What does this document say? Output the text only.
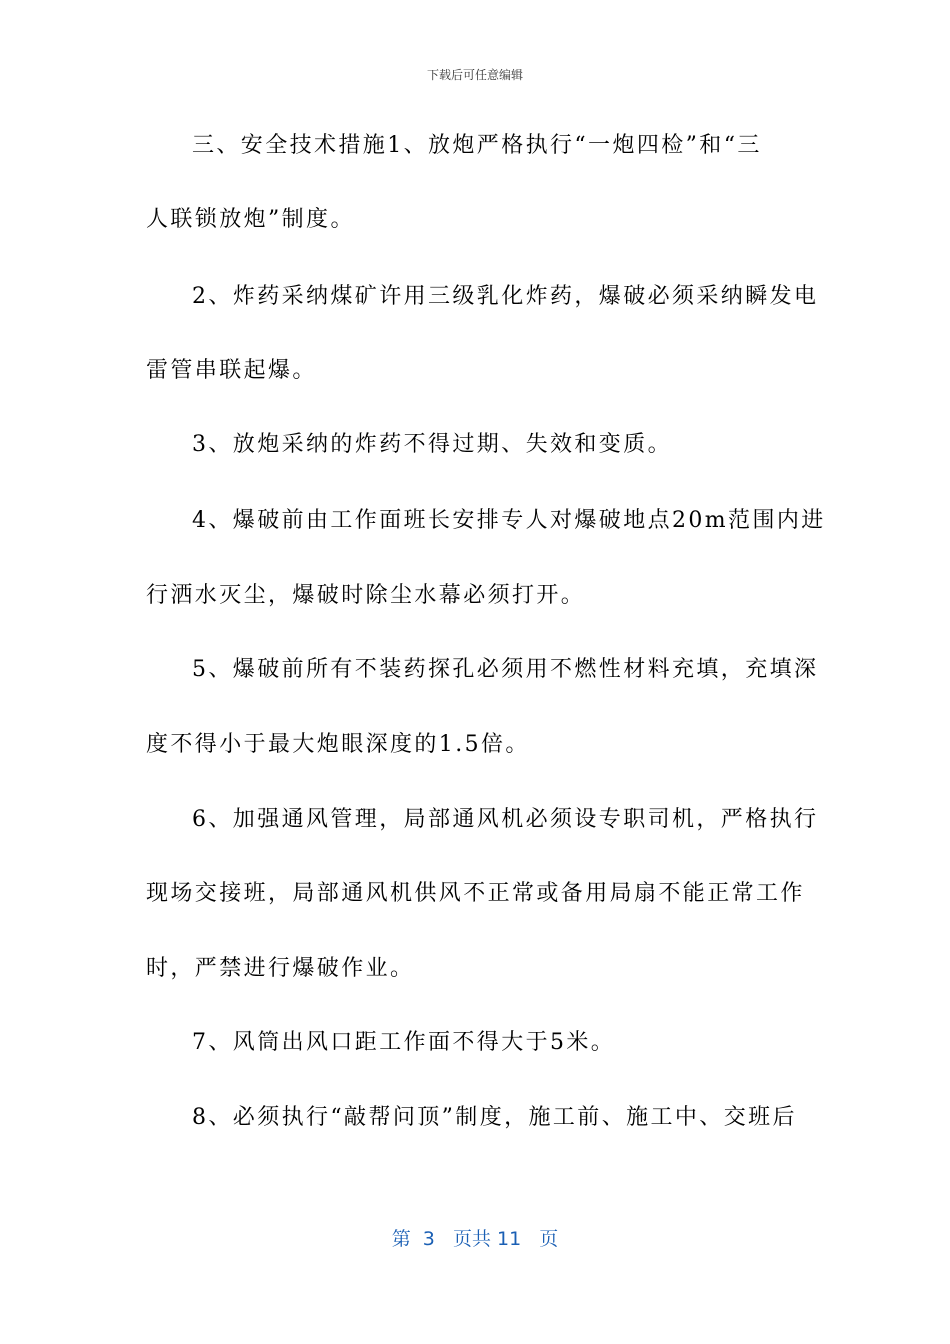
下载后可任意编辑
三、安全技术措施1、放炮严格执行“一炮四检”和“三
人联锁放炮”制度。
2、炸药采纳煤矿许用三级乳化炸药，爆破必须采纳瞬发电
雷管串联起爆。
3、放炮采纳的炸药不得过期、失效和变质。
4、爆破前由工作面班长安排专人对爆破地点20m范围内进
行洒水灭尘，爆破时除尘水幕必须打开。
5、爆破前所有不装药探孔必须用不燃性材料充填，充填深
度不得小于最大炮眼深度的1.5倍。
6、加强通风管理，局部通风机必须设专职司机，严格执行
现场交接班，局部通风机供风不正常或备用局扇不能正常工作
时，严禁进行爆破作业。
7、风筒出风口距工作面不得大于5米。
8、必须执行“敲帮问顶”制度，施工前、施工中、交班后
第  3   页共 11   页
